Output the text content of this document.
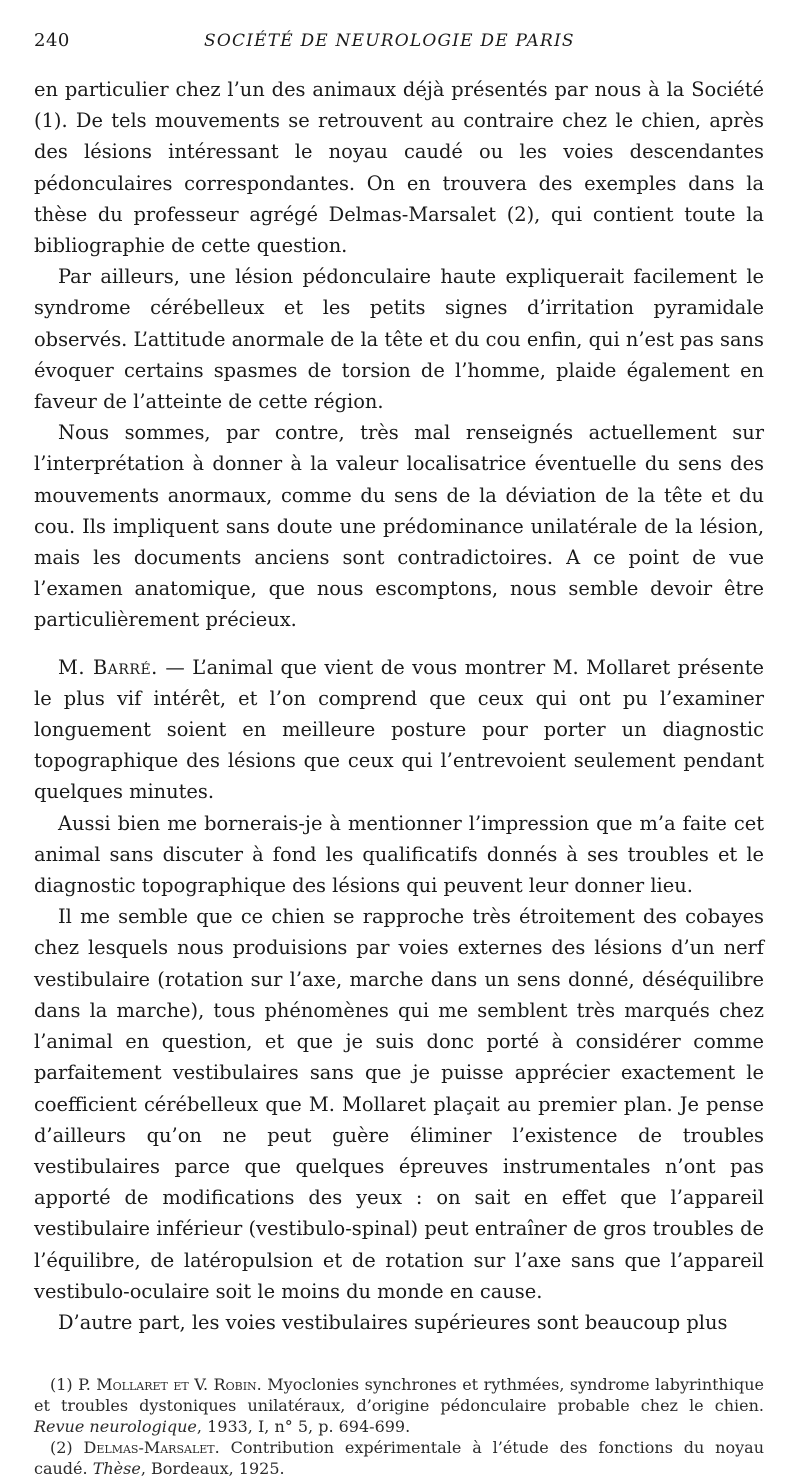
240	SOCIÉTÉ DE NEUROLOGIE DE PARIS

en particulier chez l’un des animaux déjà présentés par nous à la Société (1). De tels mouvements se retrouvent au contraire chez le chien, après des lésions intéressant le noyau caudé ou les voies descendantes pédonculaires correspondantes. On en trouvera des exemples dans la thèse du professeur agrégé Delmas-Marsalet (2), qui contient toute la bibliographie de cette question.

Par ailleurs, une lésion pédonculaire haute expliquerait facilement le syndrome cérébelleux et les petits signes d’irritation pyramidale observés. L’attitude anormale de la tête et du cou enfin, qui n’est pas sans évoquer certains spasmes de torsion de l’homme, plaide également en faveur de l’atteinte de cette région.

Nous sommes, par contre, très mal renseignés actuellement sur l’interprétation à donner à la valeur localisatrice éventuelle du sens des mouvements anormaux, comme du sens de la déviation de la tête et du cou. Ils impliquent sans doute une prédominance unilatérale de la lésion, mais les documents anciens sont contradictoires. A ce point de vue l’examen anatomique, que nous escomptons, nous semble devoir être particulièrement précieux.

M. Barré. — L’animal que vient de vous montrer M. Mollaret présente le plus vif intérêt, et l’on comprend que ceux qui ont pu l’examiner longuement soient en meilleure posture pour porter un diagnostic topographique des lésions que ceux qui l’entrevoient seulement pendant quelques minutes.

Aussi bien me bornerais-je à mentionner l’impression que m’a faite cet animal sans discuter à fond les qualificatifs donnés à ses troubles et le diagnostic topographique des lésions qui peuvent leur donner lieu.

Il me semble que ce chien se rapproche très étroitement des cobayes chez lesquels nous produisions par voies externes des lésions d’un nerf vestibulaire (rotation sur l’axe, marche dans un sens donné, déséquilibre dans la marche), tous phénomènes qui me semblent très marqués chez l’animal en question, et que je suis donc porté à considérer comme parfaitement vestibulaires sans que je puisse apprécier exactement le coefficient cérébelleux que M. Mollaret plaçait au premier plan. Je pense d’ailleurs qu’on ne peut guère éliminer l’existence de troubles vestibulaires parce que quelques épreuves instrumentales n’ont pas apporté de modifications des yeux : on sait en effet que l’appareil vestibulaire inférieur (vestibulo-spinal) peut entraîner de gros troubles de l’équilibre, de latéropulsion et de rotation sur l’axe sans que l’appareil vestibulo-oculaire soit le moins du monde en cause.

D’autre part, les voies vestibulaires supérieures sont beaucoup plus

(1) P. Mollaret et V. Robin. Myoclonies synchrones et rythmées, syndrome labyrinthique et troubles dystoniques unilatéraux, d’origine pédonculaire probable chez le chien. Revue neurologique, 1933, I, n° 5, p. 694-699.

(2) Delmas-Marsalet. Contribution expérimentale à l’étude des fonctions du noyau caudé. Thèse, Bordeaux, 1925.
